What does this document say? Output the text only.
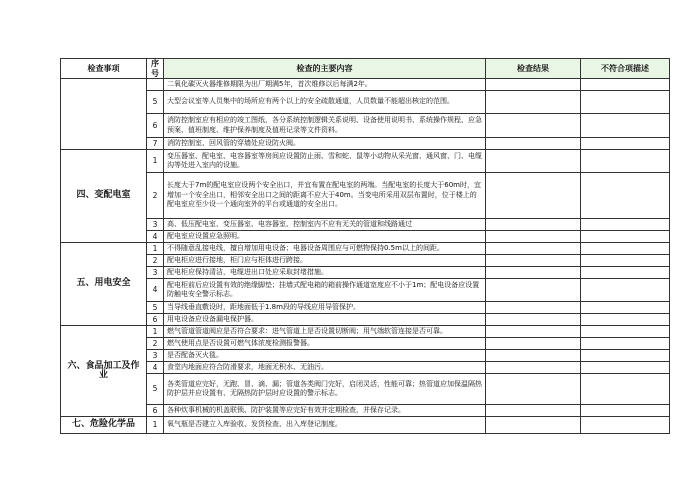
检查事项	序号	检查的主要内容	检查结果	不符合项描述	
		二氧化碳灭火器维修期限为出厂期满5年，首次维修以后每满2年。			
	5	大型会议室等人员集中的场所应有两个以上的安全疏散通道，人员数量不能超出核定的范围。			
	6	消防控制室应有相应的竣工图纸、各分系统控制逻辑关系说明、设备使用说明书、系统操作规程、应急预案、值班制度、维护保养制度及值班记录等文件资料。			
	7	消防控制室、回风管的穿墙处应设防火阀。			
四、变配电室	1	变压器室、配电室、电容器室等房间应设置防止雨、雪和蛇、鼠等小动物从采光窗、通风窗、门、电缆沟等处进入室内的设施。			
	2	长度大于7m的配电室应设两个安全出口，并宜布置在配电室的两端。当配电室的长度大于60m时，宜增加一个安全出口，相邻安全出口之间的距离不应大于40m。当变电所采用双层布置时，位于楼上的配电室应至少设一个通向室外的平台或通道的安全出口。			
	3	高、低压配电室、变压器室、电容器室、控制室内不应有无关的管道和线路通过			
	4	配电室应设置应急照明。			
五、用电安全	1	不得随意乱接电线，擅自增加用电设备；电器设备周围应与可燃物保持0.5m以上的间距。			
	2	配电柜应进行接地，柜门应与柜体进行跨接。			
	3	配电柜应保持清洁，电缆进出口处应采取封堵措施。			
	4	配电柜前后应设置有效的绝缘脚垫；挂墙式配电箱的箱前操作通道宽度应不小于1m；配电设备应设置防触电安全警示标志。			
	5	当导线垂直敷设时，距地面低于1.8m段的导线应用导管保护。			
	6	用电设备应设备漏电保护器。			
六、食品加工及作业	1	燃气管道管道阀应是否符合要求：进气管道上是否设置切断阀；用气端软管连接是否可靠。			
	2	燃气使用点是否设置可燃气体浓度检测报警器。			
	3	是否配备灭火毯。			
	4	食堂内地面应符合防滑要求，地面无积水、无油污。			
	5	各类管道应完好，无跑、冒、滴、漏；管道各类阀门完好，启闭灵活，性能可靠；热管道应加保温隔热防护层并应设置有、无隔热防护层时应设置的警示标志。			
	6	各种炊事机械的机盖联锁、防护装置等应完好有效并定期检查，并保存记录。			
七、危险化学品	1	氧气瓶是否建立入库验收、发货检查、出入库登记制度。			
